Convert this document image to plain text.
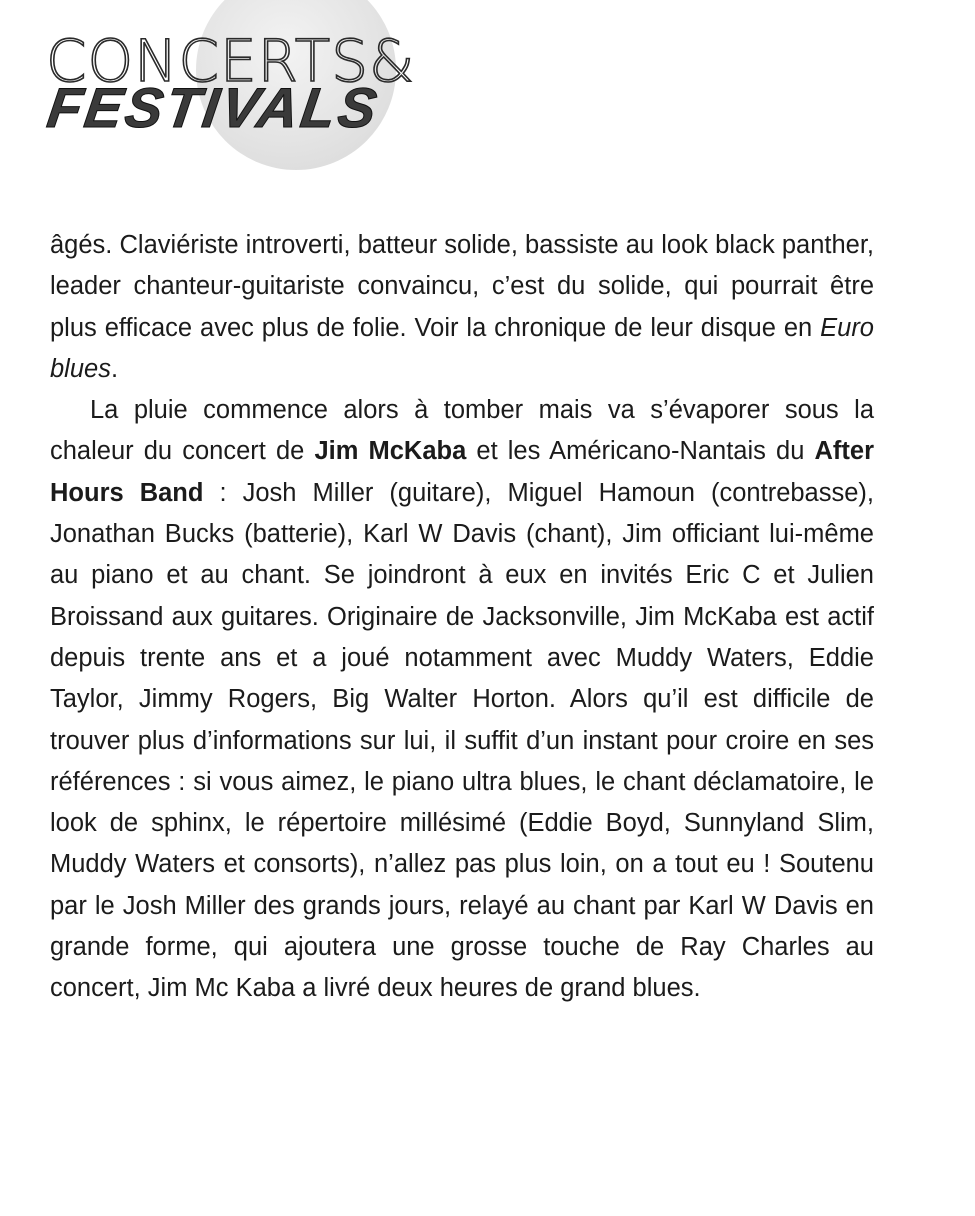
CONCERTS&
FESTIVALS

âgés. Claviériste introverti, batteur solide, bassiste au look black panther, leader chanteur-guitariste convaincu, c’est du solide, qui pourrait être plus efficace avec plus de folie. Voir la chronique de leur disque en Euro blues.

La pluie commence alors à tomber mais va s’évaporer sous la chaleur du concert de Jim McKaba et les Américano-Nantais du After Hours Band : Josh Miller (guitare), Miguel Hamoun (contrebasse), Jonathan Bucks (batterie), Karl W Davis (chant), Jim officiant lui-même au piano et au chant. Se joindront à eux en invités Eric C et Julien Broissand aux guitares. Originaire de Jacksonville, Jim McKaba est actif depuis trente ans et a joué notamment avec Muddy Waters, Eddie Taylor, Jimmy Rogers, Big Walter Horton. Alors qu’il est difficile de trouver plus d’informations sur lui, il suffit d’un instant pour croire en ses références : si vous aimez, le piano ultra blues, le chant déclamatoire, le look de sphinx, le répertoire millésimé (Eddie Boyd, Sunnyland Slim, Muddy Waters et consorts), n’allez pas plus loin, on a tout eu ! Soutenu par le Josh Miller des grands jours, relayé au chant par Karl W Davis en grande forme, qui ajoutera une grosse touche de Ray Charles au concert, Jim Mc Kaba a livré deux heures de grand blues.
